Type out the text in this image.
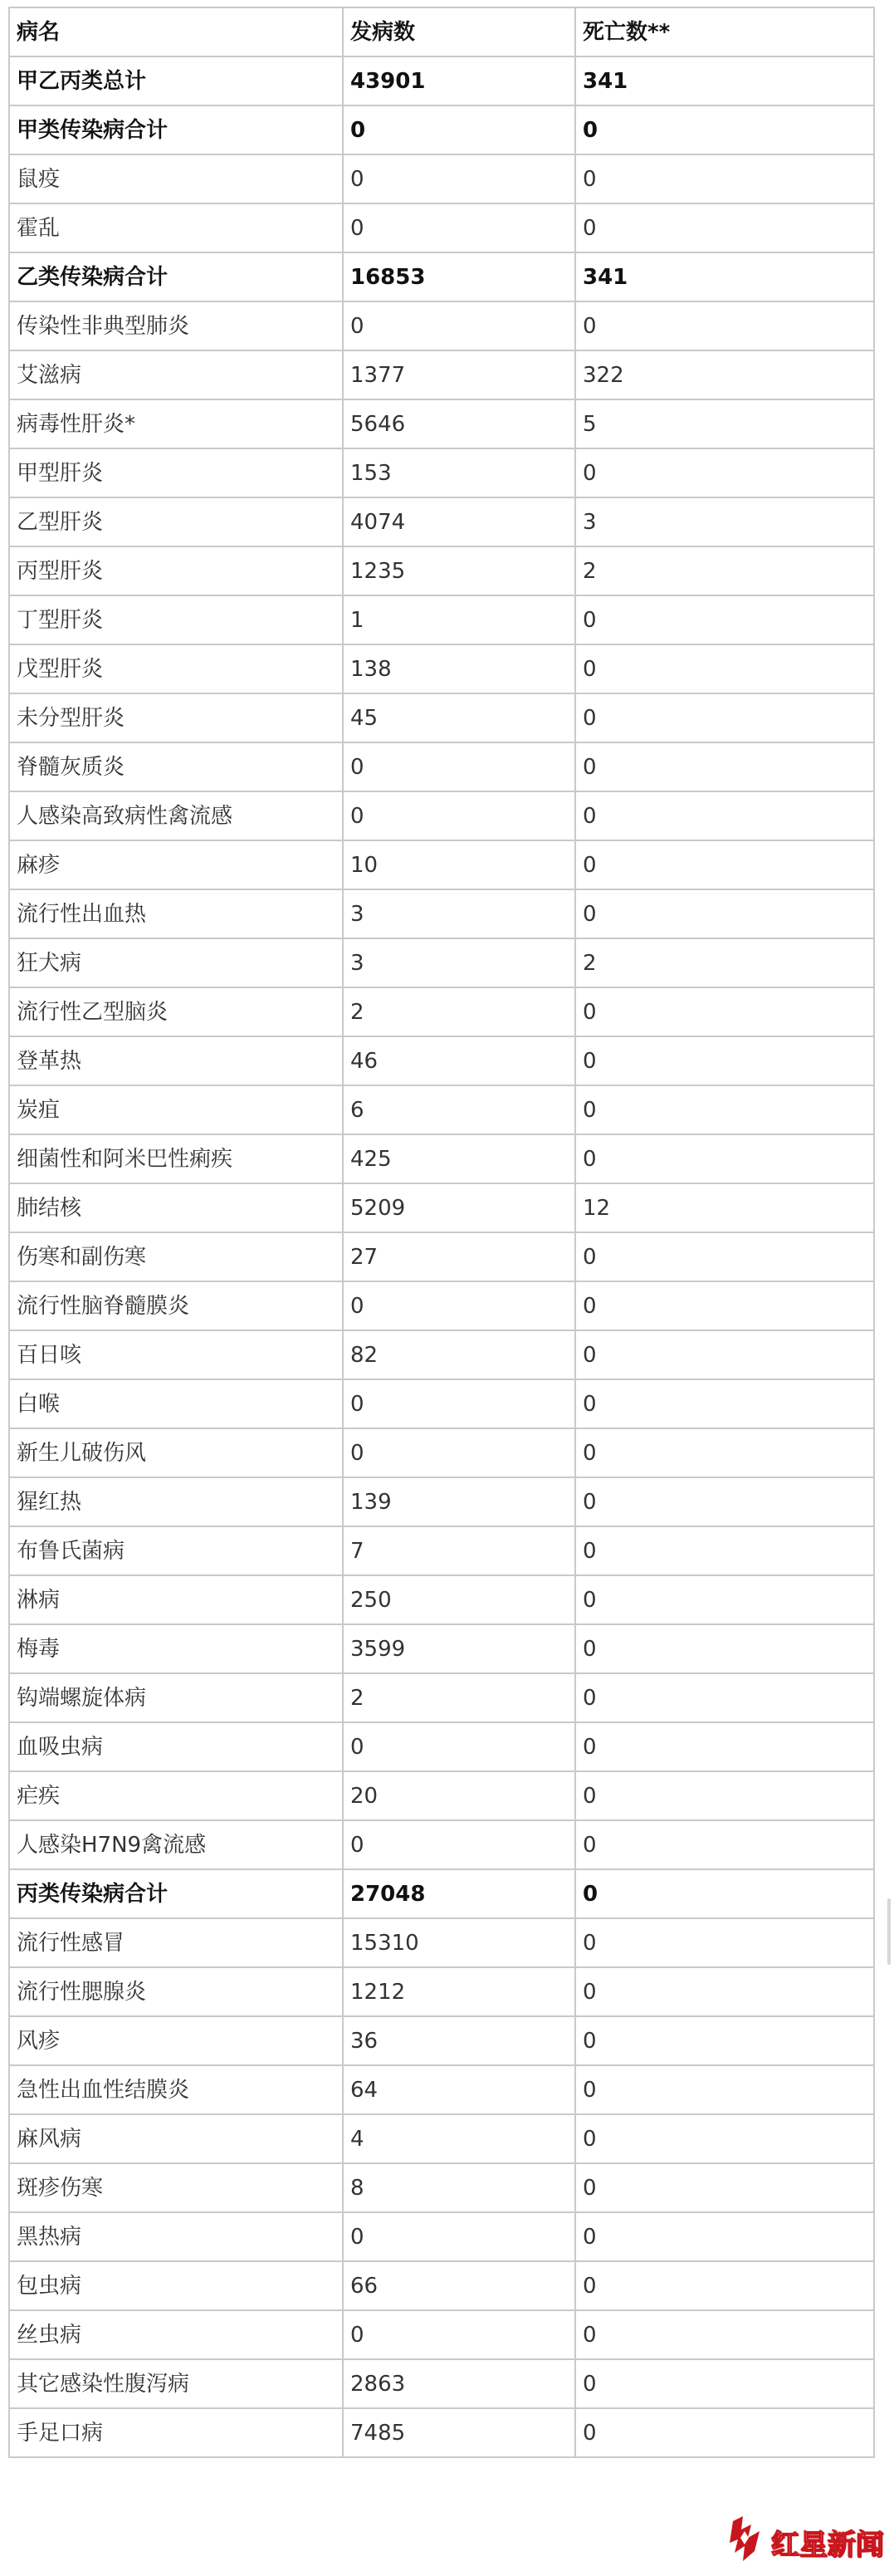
病名	发病数	死亡数**
甲乙丙类总计	43901	341
甲类传染病合计	0	0
鼠疫	0	0
霍乱	0	0
乙类传染病合计	16853	341
传染性非典型肺炎	0	0
艾滋病	1377	322
病毒性肝炎*	5646	5
甲型肝炎	153	0
乙型肝炎	4074	3
丙型肝炎	1235	2
丁型肝炎	1	0
戊型肝炎	138	0
未分型肝炎	45	0
脊髓灰质炎	0	0
人感染高致病性禽流感	0	0
麻疹	10	0
流行性出血热	3	0
狂犬病	3	2
流行性乙型脑炎	2	0
登革热	46	0
炭疽	6	0
细菌性和阿米巴性痢疾	425	0
肺结核	5209	12
伤寒和副伤寒	27	0
流行性脑脊髓膜炎	0	0
百日咳	82	0
白喉	0	0
新生儿破伤风	0	0
猩红热	139	0
布鲁氏菌病	7	0
淋病	250	0
梅毒	3599	0
钩端螺旋体病	2	0
血吸虫病	0	0
疟疾	20	0
人感染H7N9禽流感	0	0
丙类传染病合计	27048	0
流行性感冒	15310	0
流行性腮腺炎	1212	0
风疹	36	0
急性出血性结膜炎	64	0
麻风病	4	0
斑疹伤寒	8	0
黑热病	0	0
包虫病	66	0
丝虫病	0	0
其它感染性腹泻病	2863	0
手足口病	7485	0
红星新闻
